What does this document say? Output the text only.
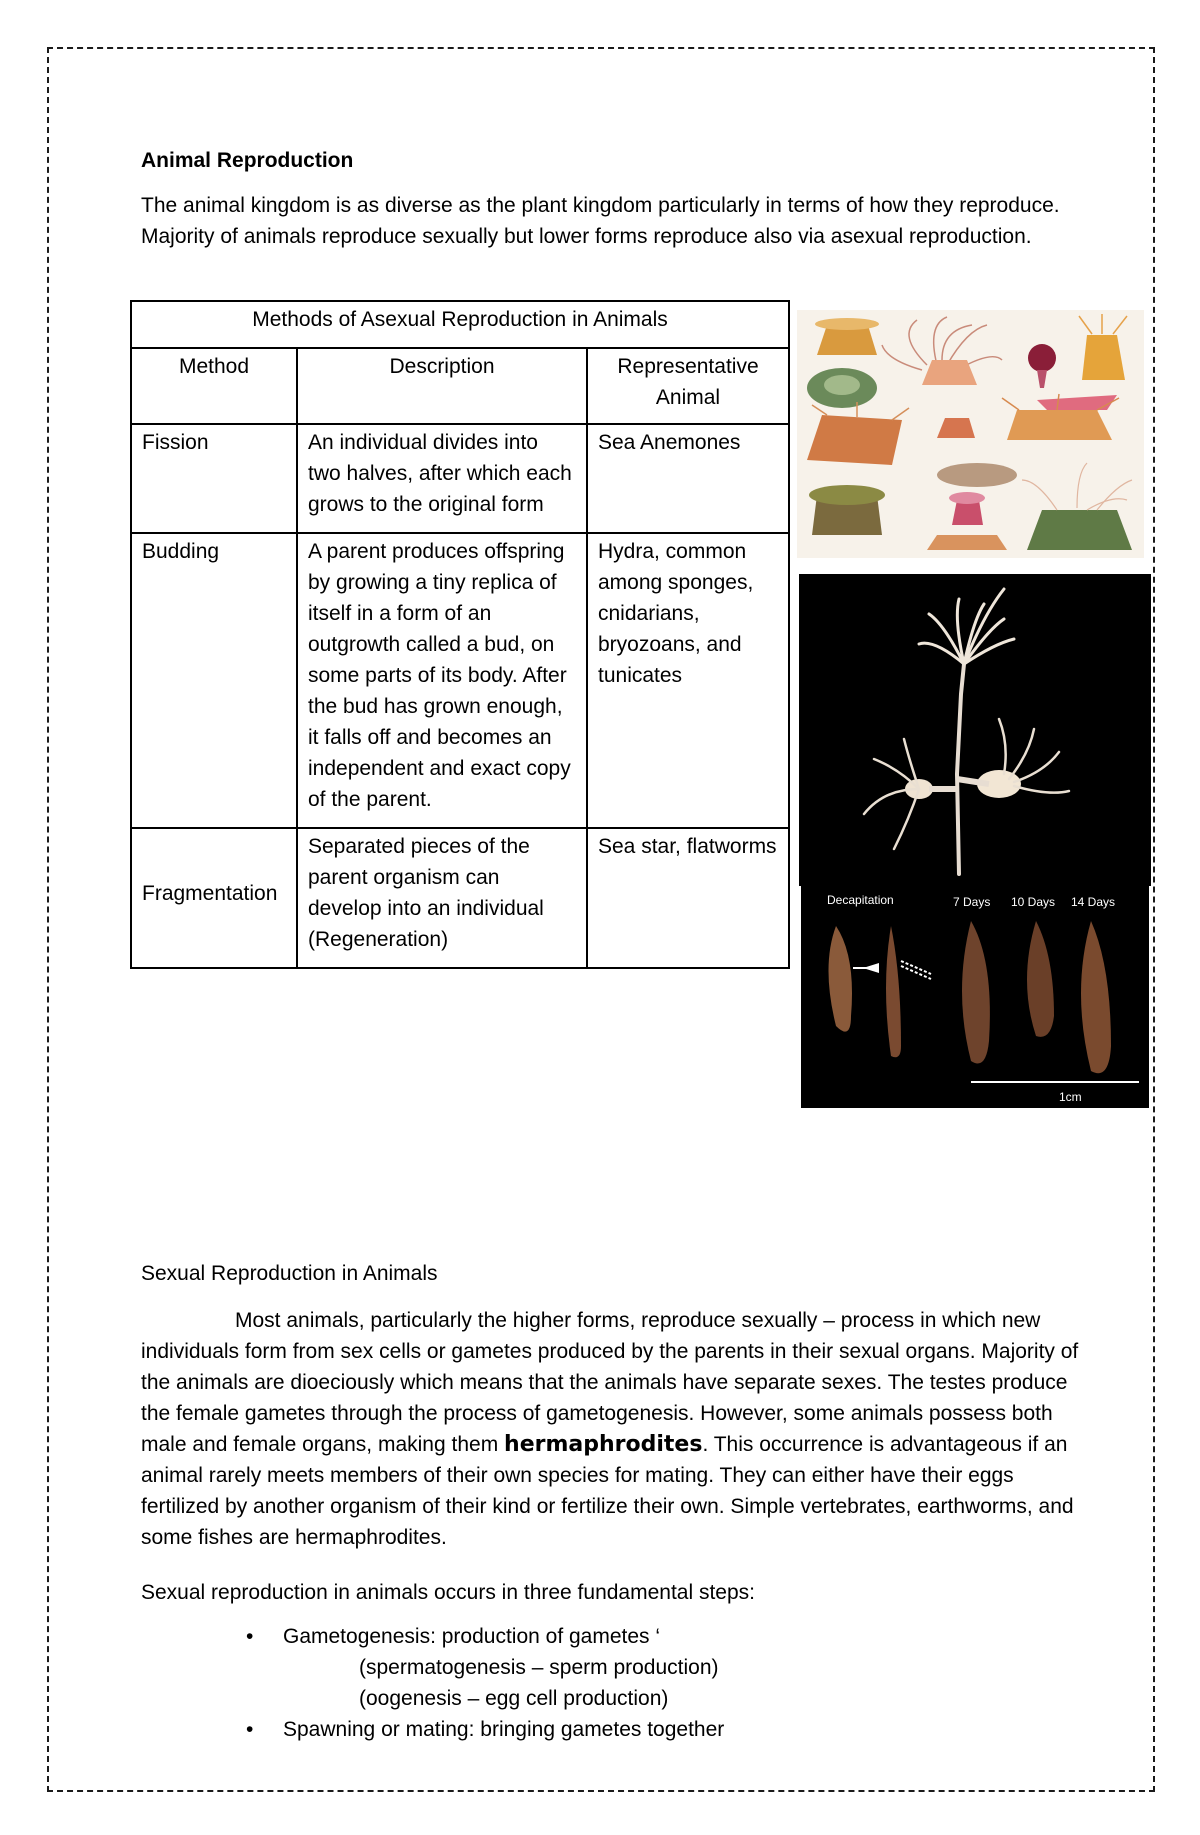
Animal Reproduction
The animal kingdom is as diverse as the plant kingdom particularly in terms of how they reproduce. Majority of animals reproduce sexually but lower forms reproduce also via asexual reproduction.
Methods of Asexual Reproduction in Animals		
Method	Description	Representative Animal
Fission	An individual divides into two halves, after which each grows to the original form	Sea Anemones
Budding	A parent produces offspring by growing a tiny replica of itself in a form of an outgrowth called a bud, on some parts of its body. After the bud has grown enough, it falls off and becomes an independent and exact copy of the parent.	Hydra, common among sponges, cnidarians, bryozoans, and tunicates
Fragmentation	Separated pieces of the parent organism can develop into an individual (Regeneration)	Sea star, flatworms
Decapitation	7 Days 10 Days 14 Days
1cm
Sexual Reproduction in Animals
Most animals, particularly the higher forms, reproduce sexually – process in which new individuals form from sex cells or gametes produced by the parents in their sexual organs. Majority of the animals are dioeciously which means that the animals have separate sexes. The testes produce the female gametes through the process of gametogenesis. However, some animals possess both male and female organs, making them hermaphrodites. This occurrence is advantageous if an animal rarely meets members of their own species for mating. They can either have their eggs fertilized by another organism of their kind or fertilize their own. Simple vertebrates, earthworms, and some fishes are hermaphrodites.
Sexual reproduction in animals occurs in three fundamental steps:
• Gametogenesis: production of gametes ‘
(spermatogenesis – sperm production)
(oogenesis – egg cell production)
• Spawning or mating: bringing gametes together
